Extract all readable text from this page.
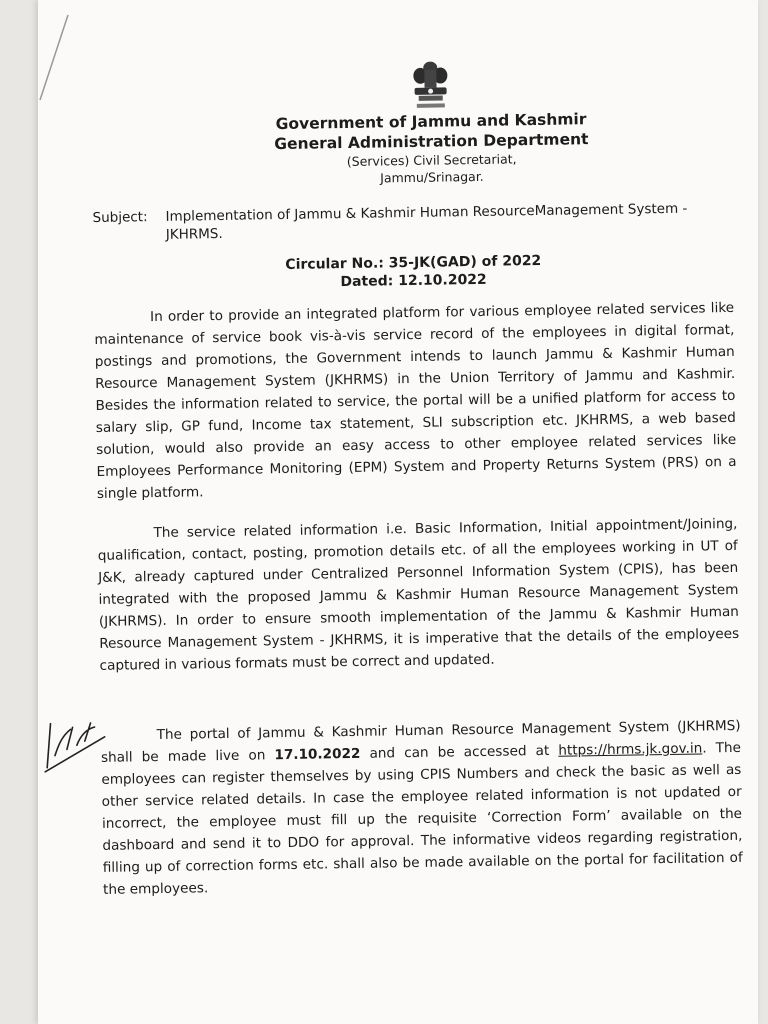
Government of Jammu and Kashmir
General Administration Department
(Services) Civil Secretariat,
Jammu/Srinagar.
Subject:	Implementation of Jammu & Kashmir Human ResourceManagement System - JKHRMS.
Circular No.: 35-JK(GAD) of 2022
Dated: 12.10.2022

In order to provide an integrated platform for various employee related services like maintenance of service book vis-à-vis service record of the employees in digital format, postings and promotions, the Government intends to launch Jammu & Kashmir Human Resource Management System (JKHRMS) in the Union Territory of Jammu and Kashmir. Besides the information related to service, the portal will be a unified platform for access to salary slip, GP fund, Income tax statement, SLI subscription etc. JKHRMS, a web based solution, would also provide an easy access to other employee related services like Employees Performance Monitoring (EPM) System and Property Returns System (PRS) on a single platform.

The service related information i.e. Basic Information, Initial appointment/Joining, qualification, contact, posting, promotion details etc. of all the employees working in UT of J&K, already captured under Centralized Personnel Information System (CPIS), has been integrated with the proposed Jammu & Kashmir Human Resource Management System (JKHRMS). In order to ensure smooth implementation of the Jammu & Kashmir Human Resource Management System - JKHRMS, it is imperative that the details of the employees captured in various formats must be correct and updated.

The portal of Jammu & Kashmir Human Resource Management System (JKHRMS) shall be made live on 17.10.2022 and can be accessed at https://hrms.jk.gov.in. The employees can register themselves by using CPIS Numbers and check the basic as well as other service related details. In case the employee related information is not updated or incorrect, the employee must fill up the requisite ‘Correction Form’ available on the dashboard and send it to DDO for approval. The informative videos regarding registration, filling up of correction forms etc. shall also be made available on the portal for facilitation of the employees.
